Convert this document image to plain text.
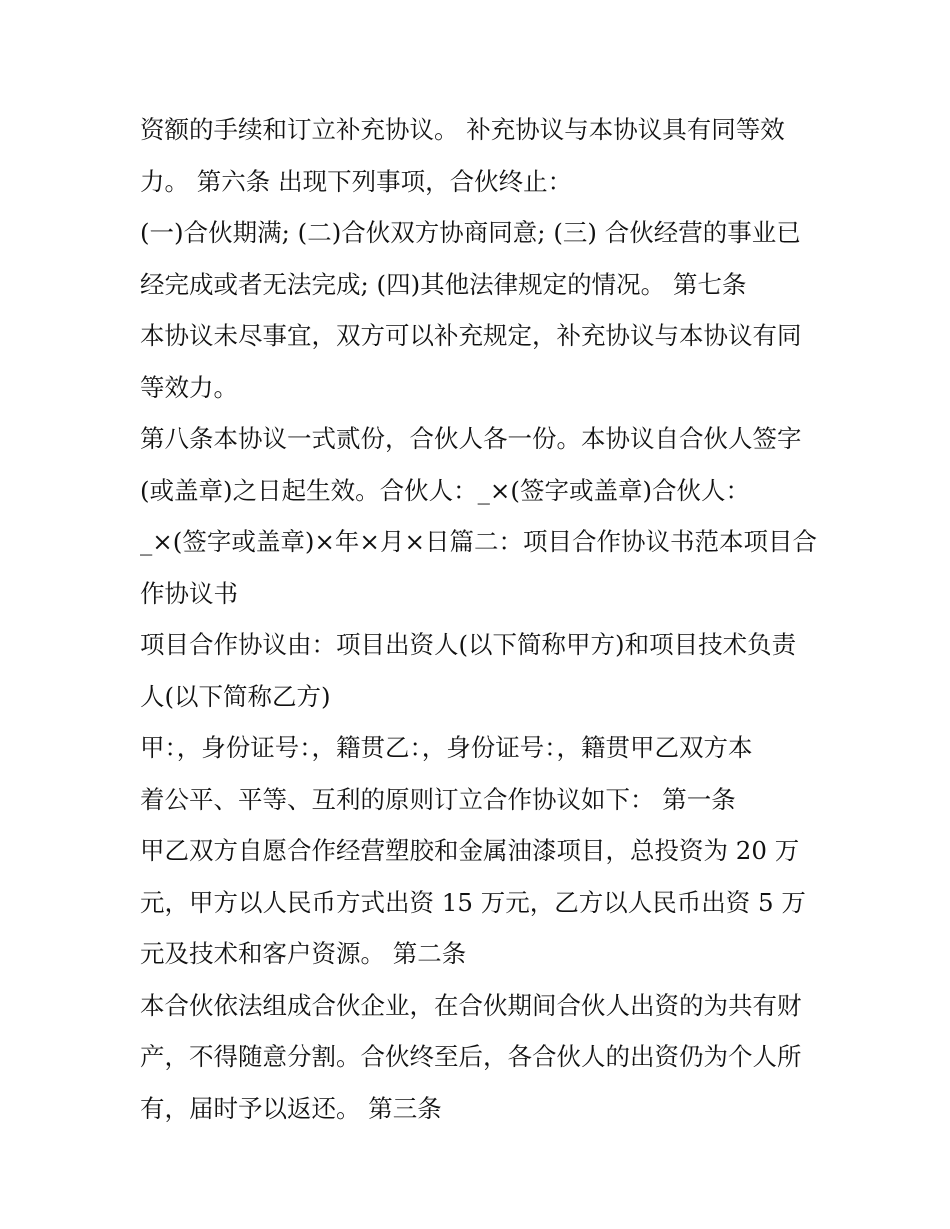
资额的手续和订立补充协议。 补充协议与本协议具有同等效
力。 第六条 出现下列事项，合伙终止：
(一)合伙期满; (二)合伙双方协商同意; (三) 合伙经营的事业已
经完成或者无法完成; (四)其他法律规定的情况。 第七条
本协议未尽事宜，双方可以补充规定，补充协议与本协议有同
等效力。
第八条本协议一式贰份，合伙人各一份。本协议自合伙人签字
(或盖章)之日起生效。合伙人：_×(签字或盖章)合伙人：
_×(签字或盖章)×年×月×日篇二：项目合作协议书范本项目合
作协议书
项目合作协议由：项目出资人(以下简称甲方)和项目技术负责
人(以下简称乙方)
甲：，身份证号：，籍贯乙：，身份证号：，籍贯甲乙双方本
着公平、平等、互利的原则订立合作协议如下： 第一条
甲乙双方自愿合作经营塑胶和金属油漆项目，总投资为 20 万
元，甲方以人民币方式出资 15 万元，乙方以人民币出资 5 万
元及技术和客户资源。 第二条
本合伙依法组成合伙企业，在合伙期间合伙人出资的为共有财
产，不得随意分割。合伙终至后，各合伙人的出资仍为个人所
有，届时予以返还。 第三条
